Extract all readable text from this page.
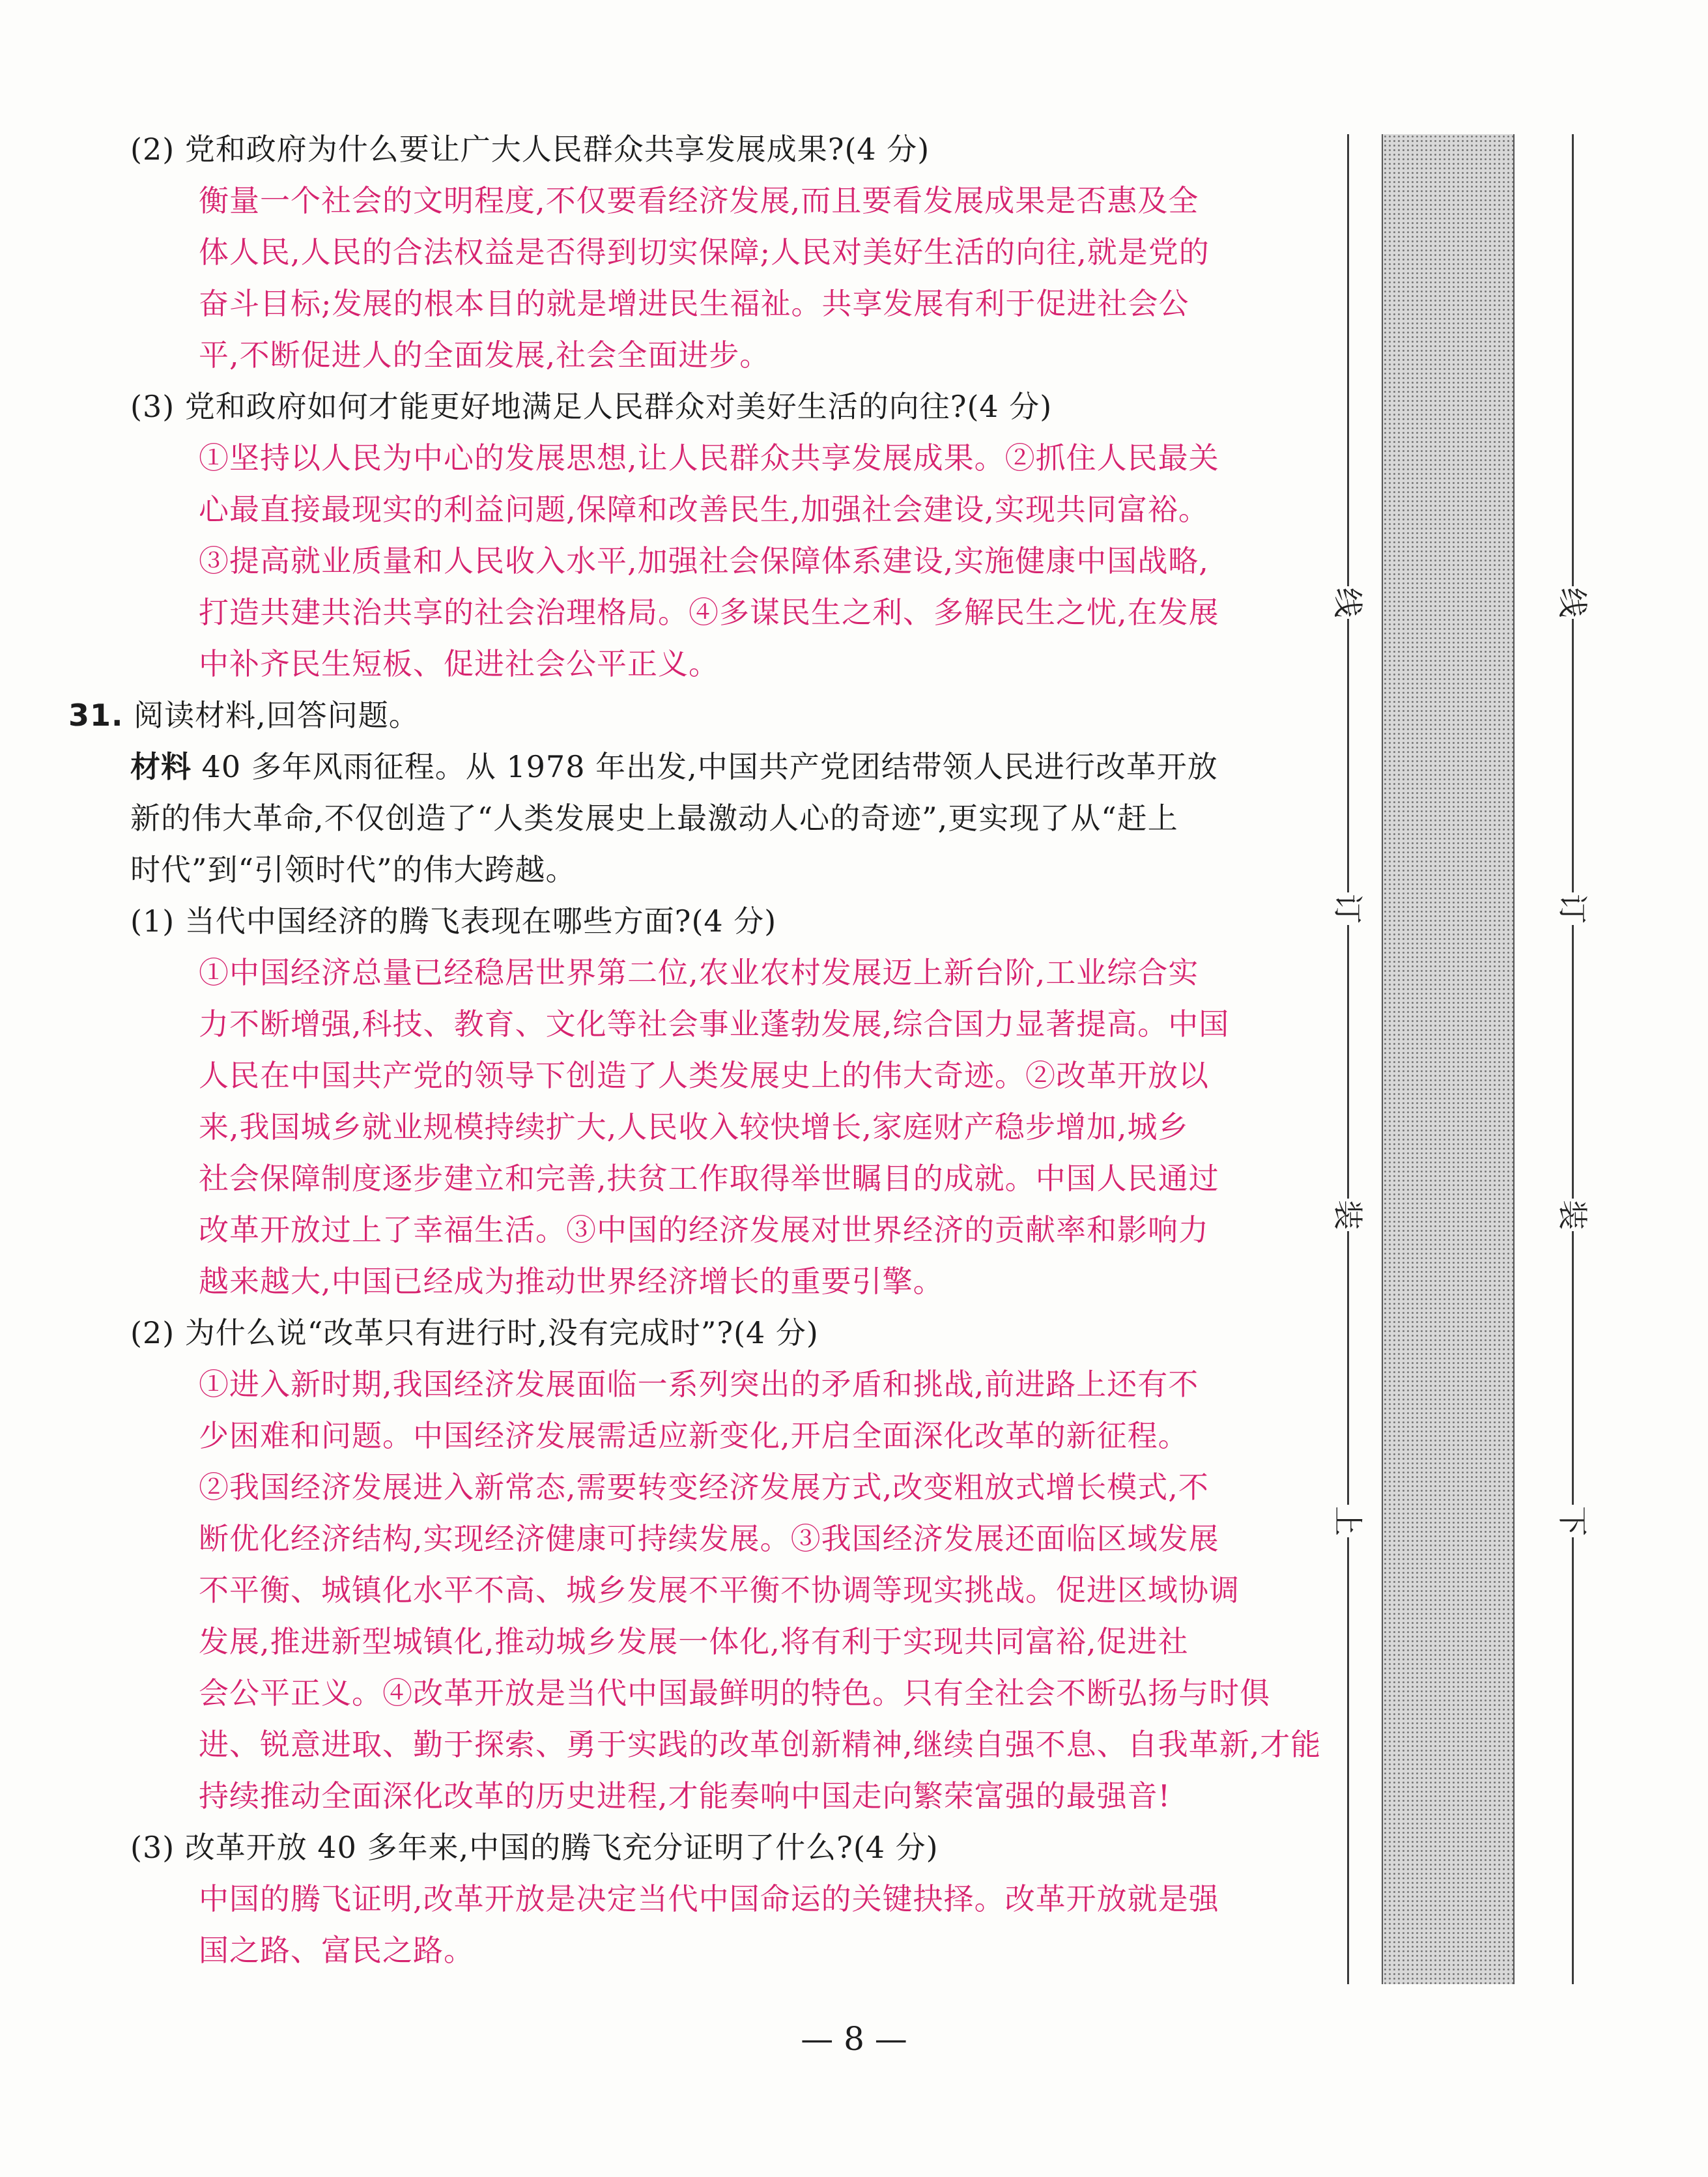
(2) 党和政府为什么要让广大人民群众共享发展成果?(4 分)
衡量一个社会的文明程度,不仅要看经济发展,而且要看发展成果是否惠及全
体人民,人民的合法权益是否得到切实保障;人民对美好生活的向往,就是党的
奋斗目标;发展的根本目的就是增进民生福祉。共享发展有利于促进社会公
平,不断促进人的全面发展,社会全面进步。
(3) 党和政府如何才能更好地满足人民群众对美好生活的向往?(4 分)
①坚持以人民为中心的发展思想,让人民群众共享发展成果。②抓住人民最关
心最直接最现实的利益问题,保障和改善民生,加强社会建设,实现共同富裕。
③提高就业质量和人民收入水平,加强社会保障体系建设,实施健康中国战略,
打造共建共治共享的社会治理格局。④多谋民生之利、多解民生之忧,在发展
中补齐民生短板、促进社会公平正义。
31. 阅读材料,回答问题。
材料 40 多年风雨征程。从 1978 年出发,中国共产党团结带领人民进行改革开放
新的伟大革命,不仅创造了“人类发展史上最激动人心的奇迹”,更实现了从“赶上
时代”到“引领时代”的伟大跨越。
(1) 当代中国经济的腾飞表现在哪些方面?(4 分)
①中国经济总量已经稳居世界第二位,农业农村发展迈上新台阶,工业综合实
力不断增强,科技、教育、文化等社会事业蓬勃发展,综合国力显著提高。中国
人民在中国共产党的领导下创造了人类发展史上的伟大奇迹。②改革开放以
来,我国城乡就业规模持续扩大,人民收入较快增长,家庭财产稳步增加,城乡
社会保障制度逐步建立和完善,扶贫工作取得举世瞩目的成就。中国人民通过
改革开放过上了幸福生活。③中国的经济发展对世界经济的贡献率和影响力
越来越大,中国已经成为推动世界经济增长的重要引擎。
(2) 为什么说“改革只有进行时,没有完成时”?(4 分)
①进入新时期,我国经济发展面临一系列突出的矛盾和挑战,前进路上还有不
少困难和问题。中国经济发展需适应新变化,开启全面深化改革的新征程。
②我国经济发展进入新常态,需要转变经济发展方式,改变粗放式增长模式,不
断优化经济结构,实现经济健康可持续发展。③我国经济发展还面临区域发展
不平衡、城镇化水平不高、城乡发展不平衡不协调等现实挑战。促进区域协调
发展,推进新型城镇化,推动城乡发展一体化,将有利于实现共同富裕,促进社
会公平正义。④改革开放是当代中国最鲜明的特色。只有全社会不断弘扬与时俱
进、锐意进取、勤于探索、勇于实践的改革创新精神,继续自强不息、自我革新,才能
持续推动全面深化改革的历史进程,才能奏响中国走向繁荣富强的最强音!
(3) 改革开放 40 多年来,中国的腾飞充分证明了什么?(4 分)
中国的腾飞证明,改革开放是决定当代中国命运的关键抉择。改革开放就是强
国之路、富民之路。
线
订
装
上
线
订
装
下
— 8 —
